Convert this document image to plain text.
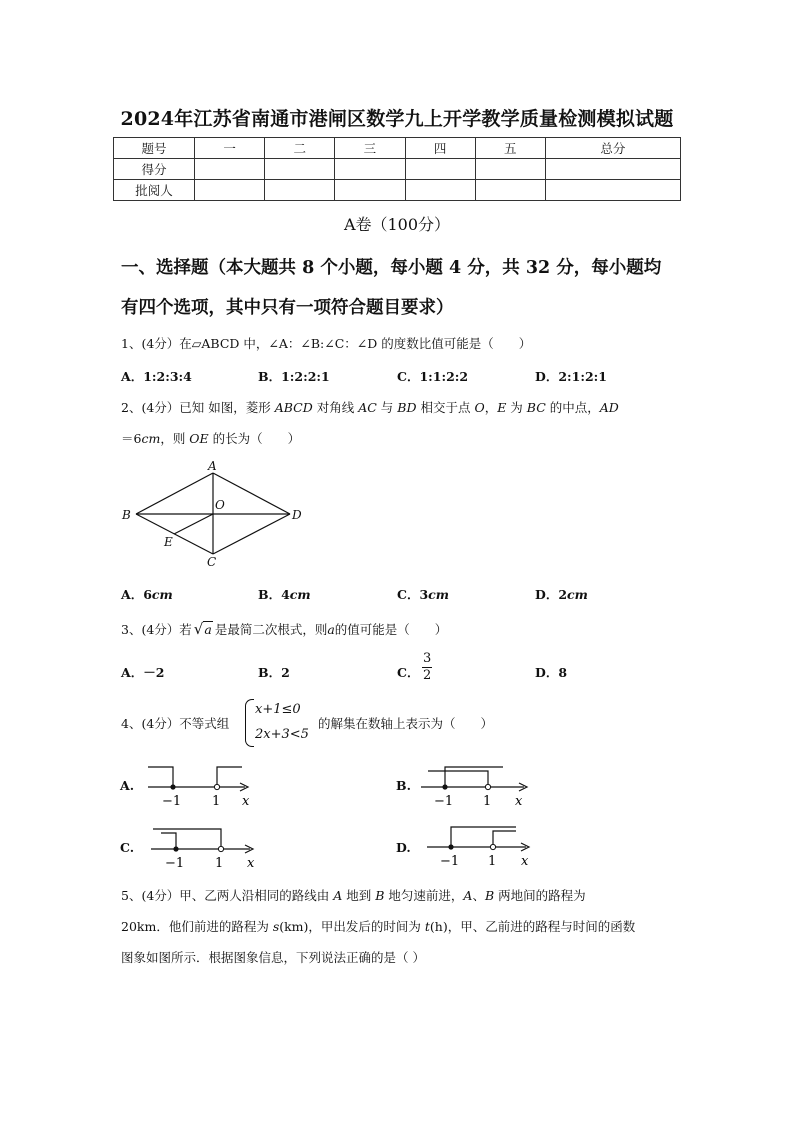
2024年江苏省南通市港闸区数学九上开学教学质量检测模拟试题
题号	一	二	三	四	五	总分
得分						
批阅人						
A卷（100分）
一、选择题（本大题共 8 个小题，每小题 4 分，共 32 分，每小题均
有四个选项，其中只有一项符合题目要求）
1、(4分）在▱ABCD 中，∠A：∠B:∠C：∠D 的度数比值可能是（　　）
A．1:2:3:4	B．1:2:2:1	C．1:1:2:2	D．2:1:2:1
2、(4分）已知 如图，菱形 ABCD 对角线 AC 与 BD 相交于点 O，E 为 BC 的中点，AD
＝6cm，则 OE 的长为（　　）
A
B
C
D
O
E
A．6cm	B．4cm	C．3cm	D．2cm
3、(4分）若 √a 是最简二次根式，则a的值可能是（　　）
A．－2	B．2	C． $\frac{3}{2}$	D．8
4、(4分）不等式组
x+1≤0
2x+3<5
的解集在数轴上表示为（　　）
A.
−1 1 x
B.
−1 1 x
C.
−1 1 x
D.
−1 1 x
5、(4分）甲、乙两人沿相同的路线由 A 地到 B 地匀速前进，A、B 两地间的路程为
20km．他们前进的路程为 s(km)，甲出发后的时间为 t(h)，甲、乙前进的路程与时间的函数
图象如图所示．根据图象信息，下列说法正确的是（ ）
